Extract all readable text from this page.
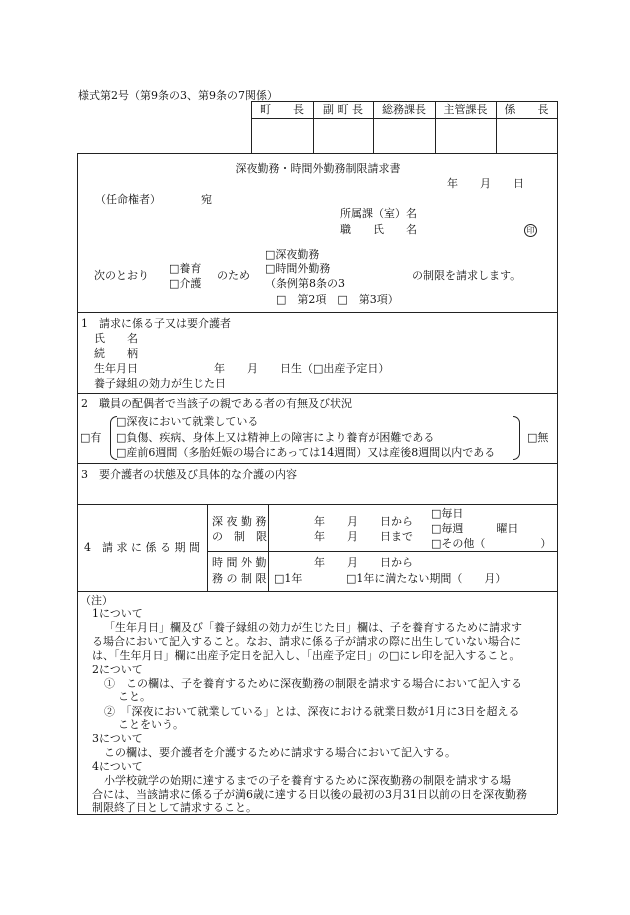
様式第2号（第9条の3、第9条の7関係）
町　　長	副 町 長	総務課長	主管課長	係　　長
深夜勤務・時間外勤務制限請求書
年　　月　　日
（任命権者）	宛
所属課（室）名
職　　氏　　名	印
次のとおり
□養育
□介護
のため
□深夜勤務
□時間外勤務
（条例第8条の3
□　第2項　□　第3項）
の制限を請求します。
1　請求に係る子又は要介護者
氏　　名
続　　柄
生年月日	年　　月　　日生（□出産予定日）
養子縁組の効力が生じた日
2　職員の配偶者で当該子の親である者の有無及び状況
□有
□深夜において就業している
□負傷、疾病、身体上又は精神上の障害により養育が困難である
□産前6週間（多胎妊娠の場合にあっては14週間）又は産後8週間以内である
□無
3　要介護者の状態及び具体的な介護の内容
4　請 求 に 係 る 期 間
深 夜 勤 務
の　制　限
年　　月　　日から
年　　月　　日まで
□毎日
□毎週　　　曜日
□その他（　　　　　）
時 間 外 勤
務 の 制 限
年　　月　　日から
□1年	□1年に満たない期間（　　月）
（注）
1について
「生年月日」欄及び「養子縁組の効力が生じた日」欄は、子を養育するために請求す
る場合において記入すること。なお、請求に係る子が請求の際に出生していない場合に
は、「生年月日」欄に出産予定日を記入し、「出産予定日」の□にレ印を記入すること。
2について
①　この欄は、子を養育するために深夜勤務の制限を請求する場合において記入する
こと。
②　「深夜において就業している」とは、深夜における就業日数が1月に3日を超える
ことをいう。
3について
この欄は、要介護者を介護するために請求する場合において記入する。
4について
小学校就学の始期に達するまでの子を養育するために深夜勤務の制限を請求する場
合には、当該請求に係る子が満6歳に達する日以後の最初の3月31日以前の日を深夜勤務
制限終了日として請求すること。
